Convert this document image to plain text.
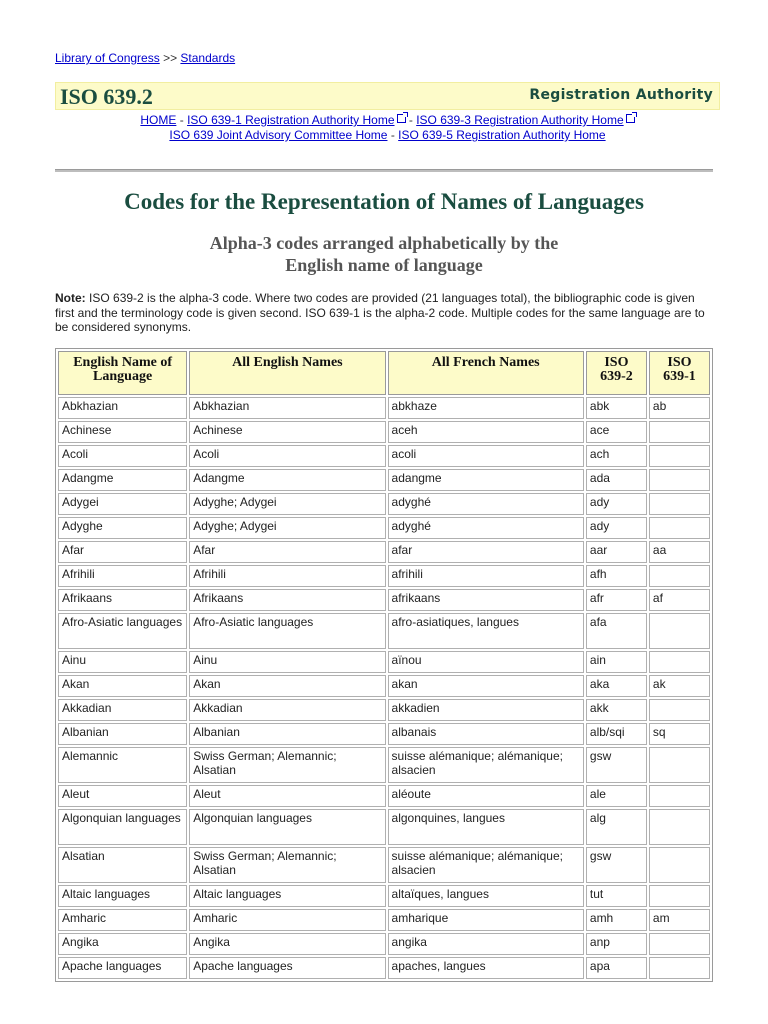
Library of Congress >> Standards
ISO 639.2	Registration Authority
HOME - ISO 639-1 Registration Authority Home - ISO 639-3 Registration Authority Home
ISO 639 Joint Advisory Committee Home - ISO 639-5 Registration Authority Home
Codes for the Representation of Names of Languages
Alpha-3 codes arranged alphabetically by the
English name of language
Note: ISO 639-2 is the alpha-3 code. Where two codes are provided (21 languages total), the bibliographic code is given first and the terminology code is given second. ISO 639-1 is the alpha-2 code. Multiple codes for the same language are to be considered synonyms.
English Name of Language	All English Names	All French Names	ISO 639-2	ISO 639-1
Abkhazian	Abkhazian	abkhaze	abk	ab
Achinese	Achinese	aceh	ace	
Acoli	Acoli	acoli	ach	
Adangme	Adangme	adangme	ada	
Adygei	Adyghe; Adygei	adyghé	ady	
Adyghe	Adyghe; Adygei	adyghé	ady	
Afar	Afar	afar	aar	aa
Afrihili	Afrihili	afrihili	afh	
Afrikaans	Afrikaans	afrikaans	afr	af
Afro-Asiatic languages	Afro-Asiatic languages	afro-asiatiques, langues	afa	
Ainu	Ainu	aïnou	ain	
Akan	Akan	akan	aka	ak
Akkadian	Akkadian	akkadien	akk	
Albanian	Albanian	albanais	alb/sqi	sq
Alemannic	Swiss German; Alemannic; Alsatian	suisse alémanique; alémanique; alsacien	gsw	
Aleut	Aleut	aléoute	ale	
Algonquian languages	Algonquian languages	algonquines, langues	alg	
Alsatian	Swiss German; Alemannic; Alsatian	suisse alémanique; alémanique; alsacien	gsw	
Altaic languages	Altaic languages	altaïques, langues	tut	
Amharic	Amharic	amharique	amh	am
Angika	Angika	angika	anp	
Apache languages	Apache languages	apaches, langues	apa	
